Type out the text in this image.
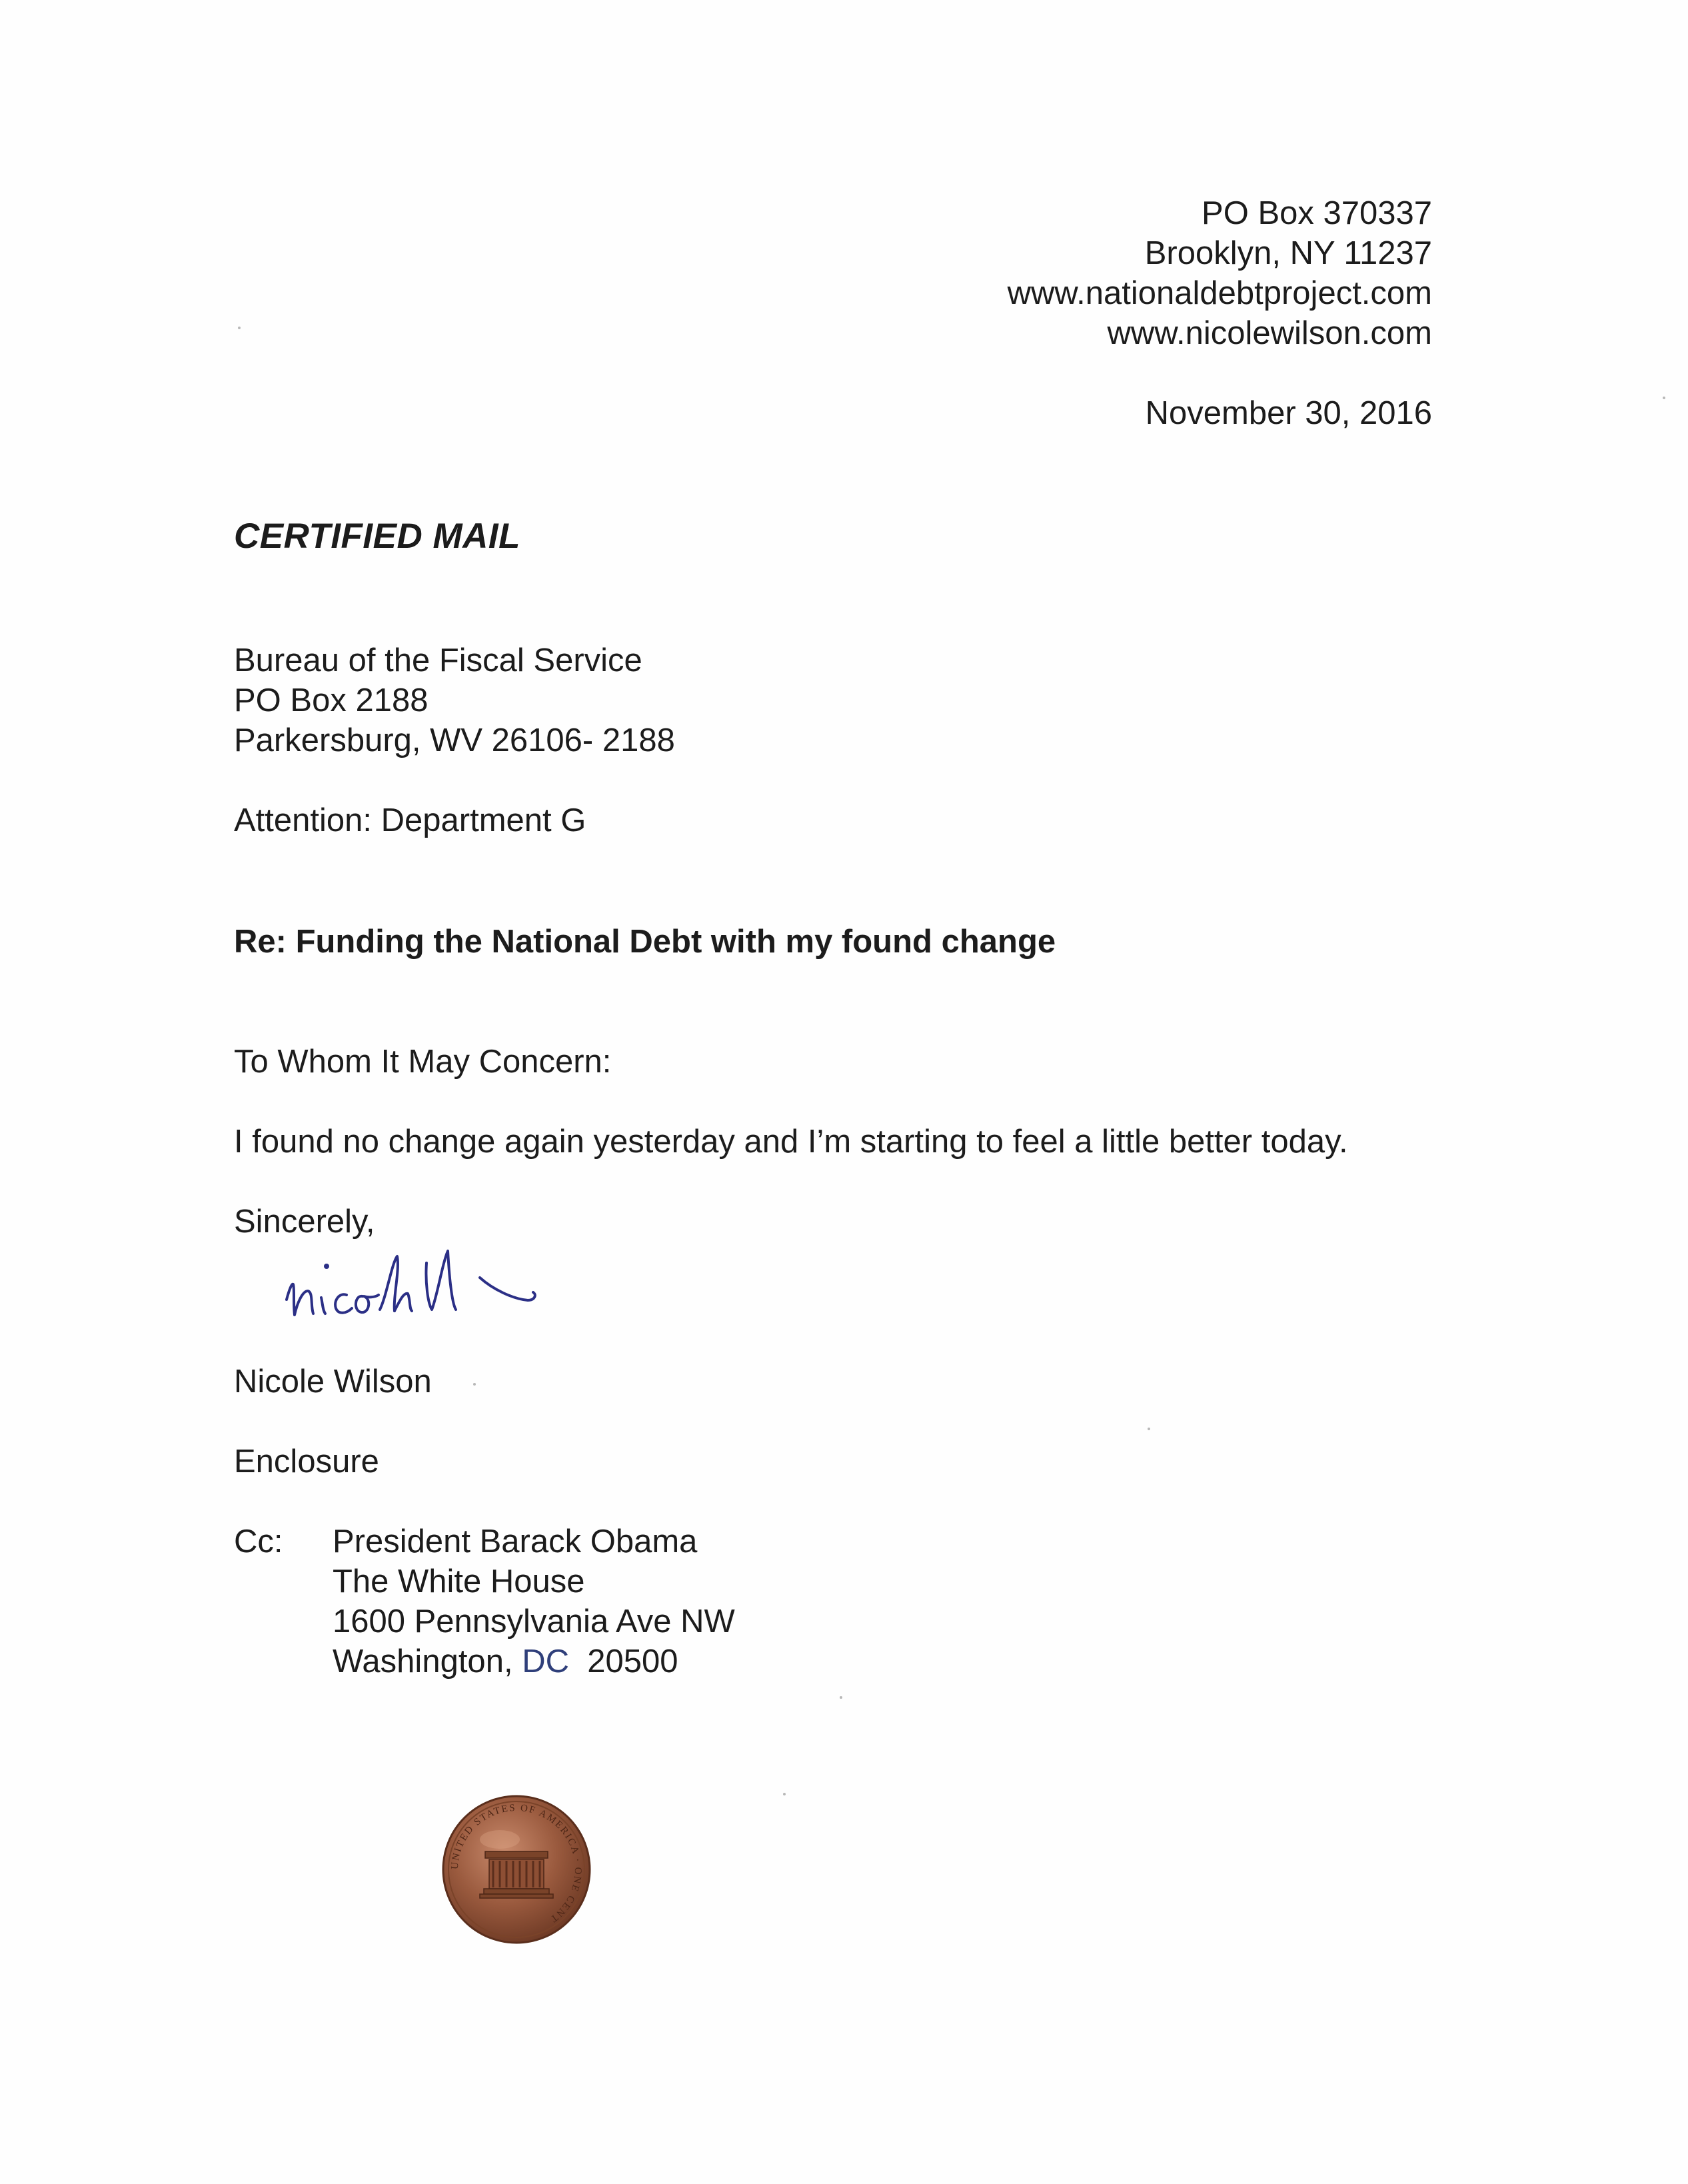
PO Box 370337
Brooklyn, NY 11237
www.nationaldebtproject.com
www.nicolewilson.com
November 30, 2016
CERTIFIED MAIL
Bureau of the Fiscal Service
PO Box 2188
Parkersburg, WV 26106- 2188
Attention: Department G
Re: Funding the National Debt with my found change
To Whom It May Concern:
I found no change again yesterday and I’m starting to feel a little better today.
Sincerely,
Nicole Wilson
Enclosure
Cc: President Barack Obama
The White House
1600 Pennsylvania Ave NW
Washington, DC 20500
UNITED STATES OF AMERICA · ONE CENT
